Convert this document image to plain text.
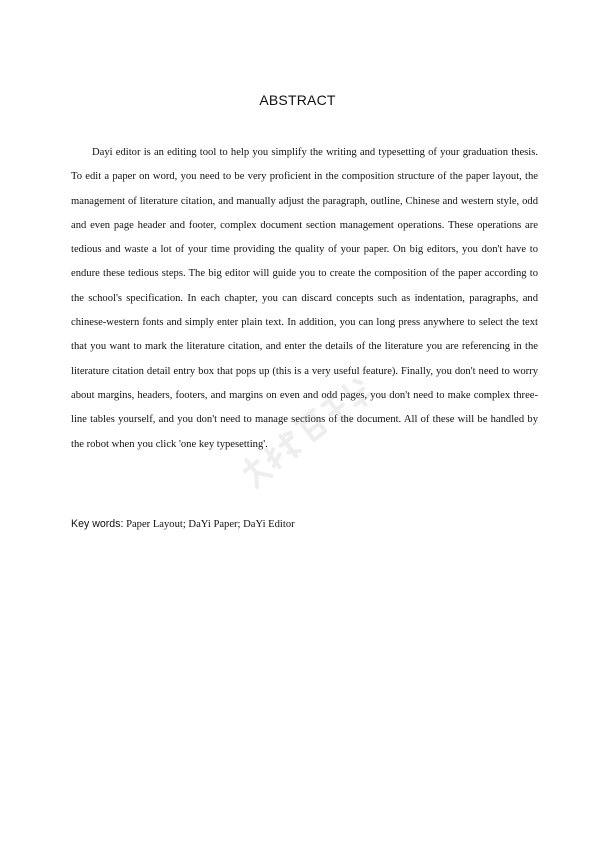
ABSTRACT

Dayi editor is an editing tool to help you simplify the writing and typesetting of your graduation thesis. To edit a paper on word, you need to be very proficient in the composition structure of the paper layout, the management of literature citation, and manually adjust the paragraph, outline, Chinese and western style, odd and even page header and footer, complex document section management operations. These operations are tedious and waste a lot of your time providing the quality of your paper. On big editors, you don't have to endure these tedious steps. The big editor will guide you to create the composition of the paper according to the school's specification. In each chapter, you can discard concepts such as indentation, paragraphs, and chinese-western fonts and simply enter plain text. In addition, you can long press anywhere to select the text that you want to mark the literature citation, and enter the details of the literature you are referencing in the literature citation detail entry box that pops up (this is a very useful feature). Finally, you don't need to worry about margins, headers, footers, and margins on even and odd pages, you don't need to make complex three-line tables yourself, and you don't need to manage sections of the document. All of these will be handled by the robot when you click 'one key typesetting'.

Key words: Paper Layout; DaYi Paper; DaYi Editor
